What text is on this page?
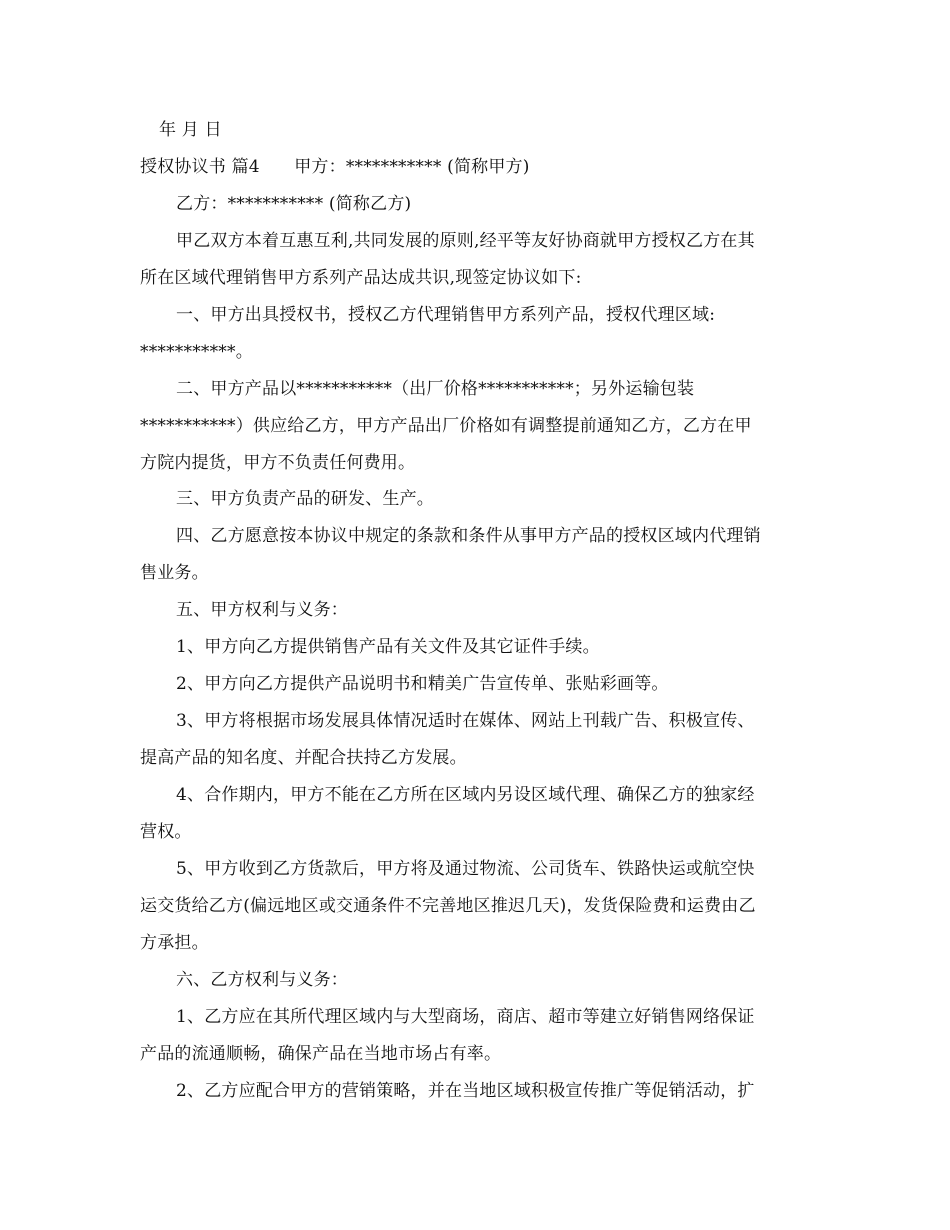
年 月 日
授权协议书 篇4　　甲方：*********** (简称甲方)
乙方：*********** (简称乙方)
甲乙双方本着互惠互利,共同发展的原则,经平等友好协商就甲方授权乙方在其
所在区域代理销售甲方系列产品达成共识,现签定协议如下:
一、甲方出具授权书，授权乙方代理销售甲方系列产品，授权代理区域:
***********。
二、甲方产品以***********（出厂价格***********；另外运输包装
***********）供应给乙方，甲方产品出厂价格如有调整提前通知乙方，乙方在甲
方院内提货，甲方不负责任何费用。
三、甲方负责产品的研发、生产。
四、乙方愿意按本协议中规定的条款和条件从事甲方产品的授权区域内代理销
售业务。
五、甲方权利与义务：
1、甲方向乙方提供销售产品有关文件及其它证件手续。
2、甲方向乙方提供产品说明书和精美广告宣传单、张贴彩画等。
3、甲方将根据市场发展具体情况适时在媒体、网站上刊载广告、积极宣传、
提高产品的知名度、并配合扶持乙方发展。
4、合作期内，甲方不能在乙方所在区域内另设区域代理、确保乙方的独家经
营权。
5、甲方收到乙方货款后，甲方将及通过物流、公司货车、铁路快运或航空快
运交货给乙方(偏远地区或交通条件不完善地区推迟几天)，发货保险费和运费由乙
方承担。
六、乙方权利与义务：
1、乙方应在其所代理区域内与大型商场，商店、超市等建立好销售网络保证
产品的流通顺畅，确保产品在当地市场占有率。
2、乙方应配合甲方的营销策略，并在当地区域积极宣传推广等促销活动，扩
